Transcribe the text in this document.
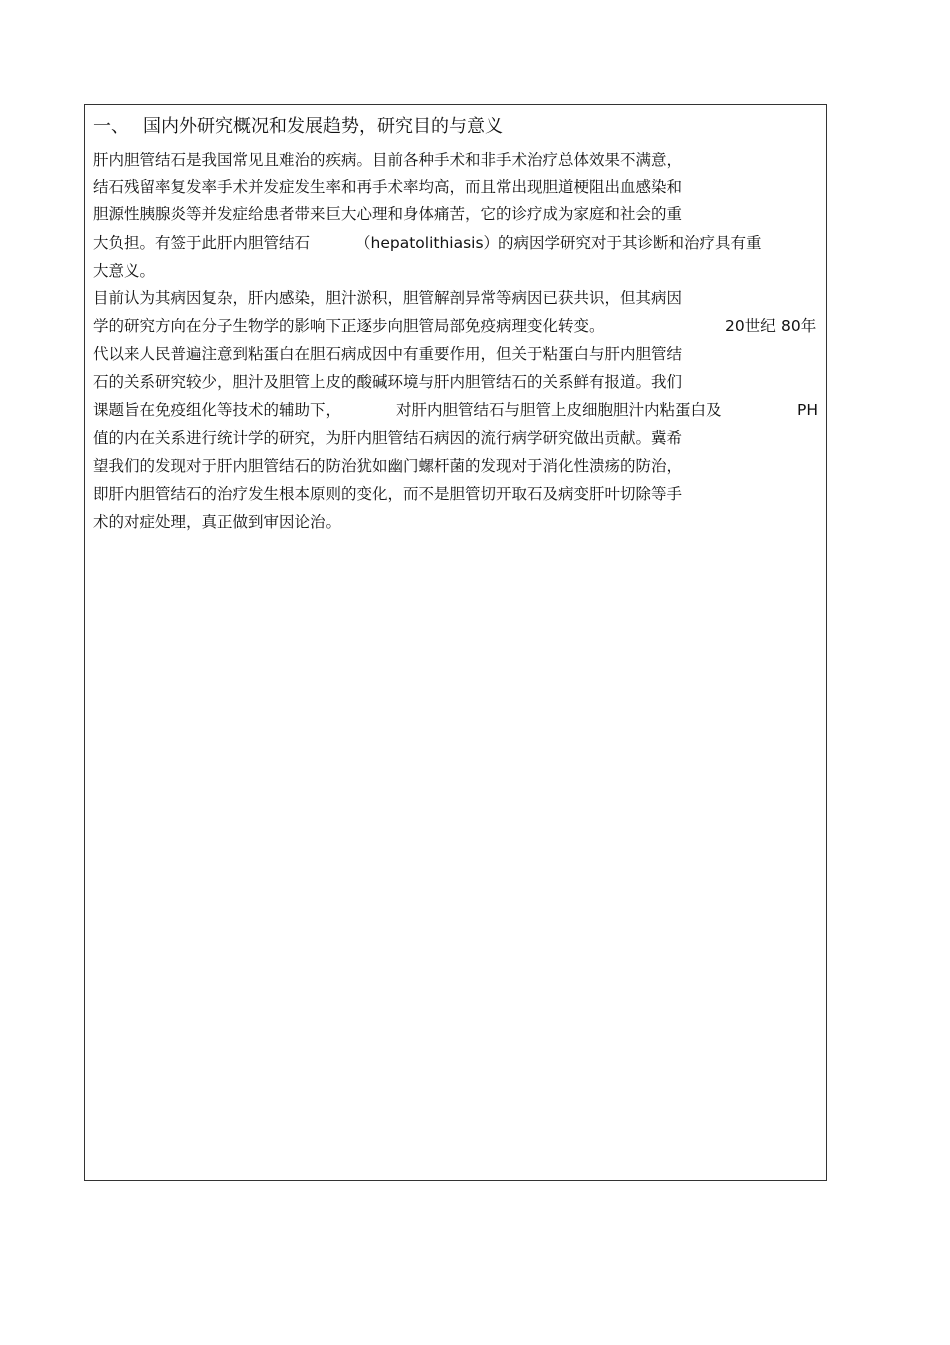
一、 国内外研究概况和发展趋势，研究目的与意义
肝内胆管结石是我国常见且难治的疾病。目前各种手术和非手术治疗总体效果不满意，
结石残留率复发率手术并发症发生率和再手术率均高，而且常出现胆道梗阻出血感染和
胆源性胰腺炎等并发症给患者带来巨大心理和身体痛苦，它的诊疗成为家庭和社会的重
大负担。有签于此肝内胆管结石	（hepatolithiasis）
的病因学研究对于其诊断和治疗具有重
大意义。
目前认为其病因复杂，肝内感染，胆汁淤积，胆管解剖异常等病因已获共识，但其病因
学的研究方向在分子生物学的影响下正逐步向胆管局部免疫病理变化转变。	20世纪 80年
代以来人民普遍注意到粘蛋白在胆石病成因中有重要作用，但关于粘蛋白与肝内胆管结
石的关系研究较少，胆汁及胆管上皮的酸碱环境与肝内胆管结石的关系鲜有报道。我们
课题旨在免疫组化等技术的辅助下，	对肝内胆管结石与胆管上皮细胞胆汁内粘蛋白及	PH
值的内在关系进行统计学的研究，为肝内胆管结石病因的流行病学研究做出贡献。冀希
望我们的发现对于肝内胆管结石的防治犹如幽门螺杆菌的发现对于消化性溃疡的防治，
即肝内胆管结石的治疗发生根本原则的变化，而不是胆管切开取石及病变肝叶切除等手
术的对症处理，真正做到审因论治。
